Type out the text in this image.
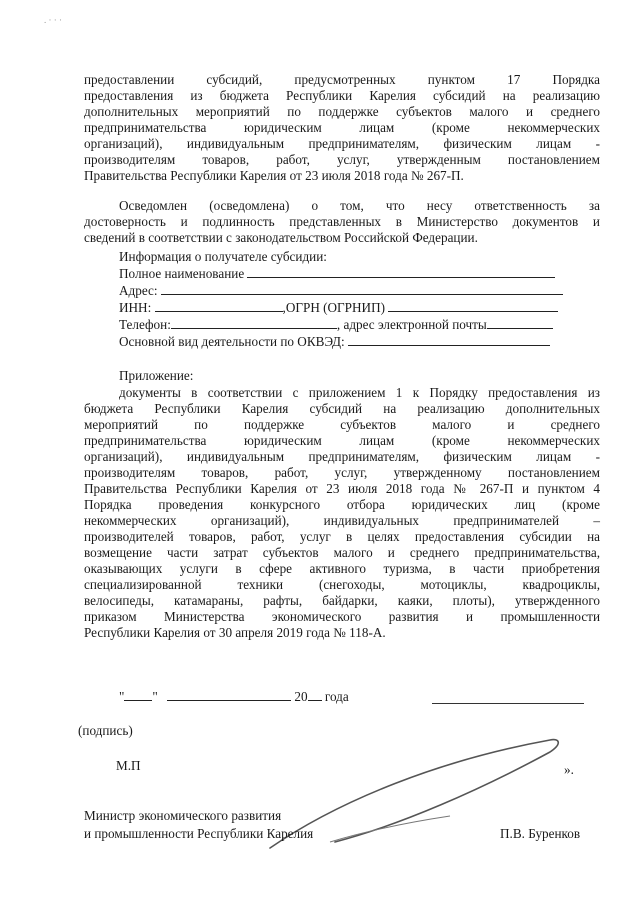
. · · ·
предоставлении субсидий, предусмотренных пунктом 17 Порядка
предоставления из бюджета Республики Карелия субсидий на реализацию
дополнительных мероприятий по поддержке субъектов малого и среднего
предпринимательства юридическим лицам (кроме некоммерческих
организаций), индивидуальным предпринимателям, физическим лицам -
производителям товаров, работ, услуг, утвержденным постановлением
Правительства Республики Карелия от 23 июля 2018 года № 267-П.
Осведомлен (осведомлена) о том, что несу ответственность за
достоверность и подлинность представленных в Министерство документов и
сведений в соответствии с законодательством Российской Федерации.
Информация о получателе субсидии:
Полное наименование
Адрес:
ИНН:	,ОГРН (ОГРНИП)
Телефон:	, адрес электронной почты
Основной вид деятельности по ОКВЭД:
Приложение:
документы в соответствии с приложением 1 к Порядку предоставления из
бюджета Республики Карелия субсидий на реализацию дополнительных
мероприятий по поддержке субъектов малого и среднего
предпринимательства юридическим лицам (кроме некоммерческих
организаций), индивидуальным предпринимателям, физическим лицам -
производителям товаров, работ, услуг, утвержденному постановлением
Правительства Республики Карелия от 23 июля 2018 года № 267-П и пунктом 4
Порядка проведения конкурсного отбора юридических лиц (кроме
некоммерческих организаций), индивидуальных предпринимателей –
производителей товаров, работ, услуг в целях предоставления субсидии на
возмещение части затрат субъектов малого и среднего предпринимательства,
оказывающих услуги в сфере активного туризма, в части приобретения
специализированной техники (снегоходы, мотоциклы, квадроциклы,
велосипеды, катамараны, рафты, байдарки, каяки, плоты), утвержденного
приказом Министерства экономического развития и промышленности
Республики Карелия от 30 апреля 2019 года № 118-А.
" "	20 года
(подпись)
М.П	».
Министр экономического развития
и промышленности Республики Карелия	П.В. Буренков
